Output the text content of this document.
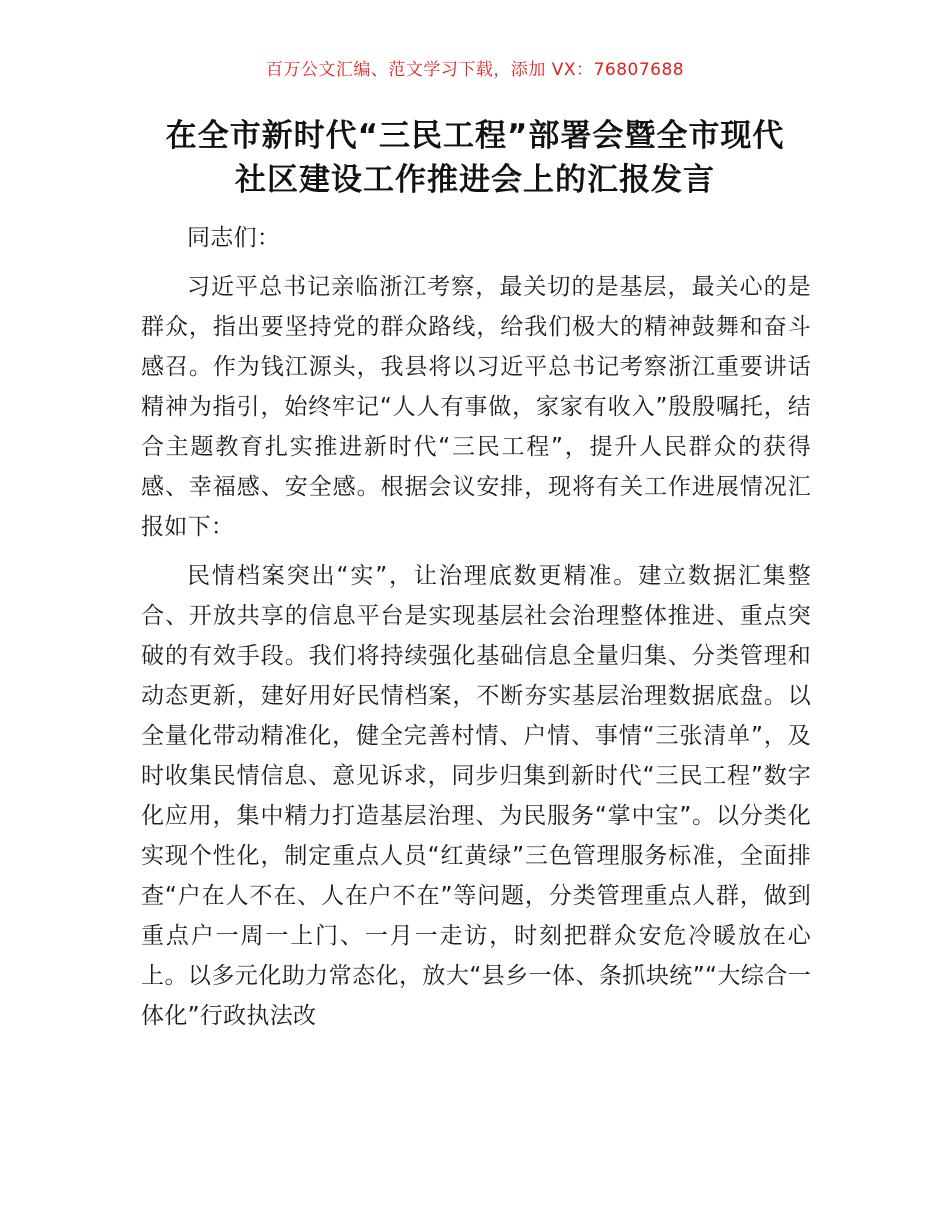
百万公文汇编、范文学习下载，添加 VX：76807688
在全市新时代“三民工程”部署会暨全市现代
社区建设工作推进会上的汇报发言

同志们：

习近平总书记亲临浙江考察，最关切的是基层，最关心的是群众，指出要坚持党的群众路线，给我们极大的精神鼓舞和奋斗感召。作为钱江源头，我县将以习近平总书记考察浙江重要讲话精神为指引，始终牢记“人人有事做，家家有收入”殷殷嘱托，结合主题教育扎实推进新时代“三民工程”，提升人民群众的获得感、幸福感、安全感。根据会议安排，现将有关工作进展情况汇报如下：

民情档案突出“实”，让治理底数更精准。建立数据汇集整合、开放共享的信息平台是实现基层社会治理整体推进、重点突破的有效手段。我们将持续强化基础信息全量归集、分类管理和动态更新，建好用好民情档案，不断夯实基层治理数据底盘。以全量化带动精准化，健全完善村情、户情、事情“三张清单”，及时收集民情信息、意见诉求，同步归集到新时代“三民工程”数字化应用，集中精力打造基层治理、为民服务“掌中宝”。以分类化实现个性化，制定重点人员“红黄绿”三色管理服务标准，全面排查“户在人不在、人在户不在”等问题，分类管理重点人群，做到重点户一周一上门、一月一走访，时刻把群众安危冷暖放在心上。以多元化助力常态化，放大“县乡一体、条抓块统”“大综合一体化”行政执法改
